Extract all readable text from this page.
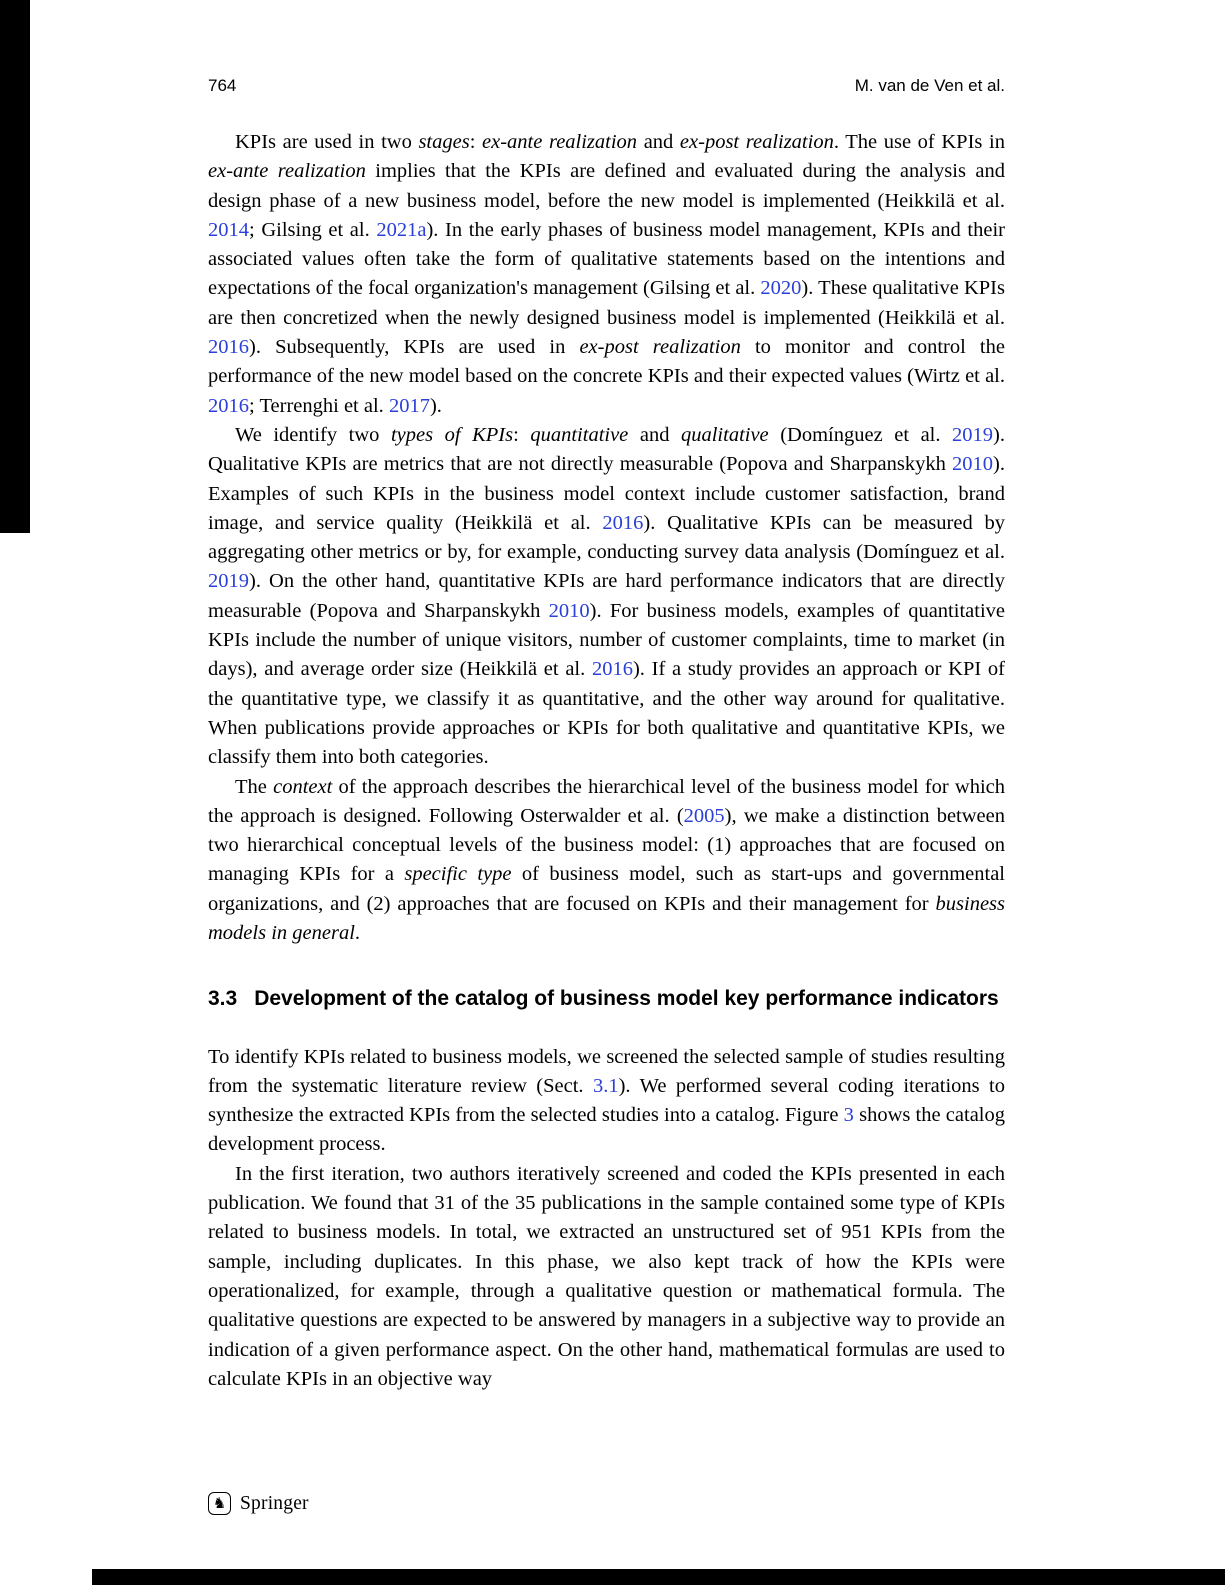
764	M. van de Ven et al.

KPIs are used in two stages: ex-ante realization and ex-post realization. The use of KPIs in ex-ante realization implies that the KPIs are defined and evaluated during the analysis and design phase of a new business model, before the new model is implemented (Heikkilä et al. 2014; Gilsing et al. 2021a). In the early phases of business model management, KPIs and their associated values often take the form of qualitative statements based on the intentions and expectations of the focal organization's management (Gilsing et al. 2020). These qualitative KPIs are then concretized when the newly designed business model is implemented (Heikkilä et al. 2016). Subsequently, KPIs are used in ex-post realization to monitor and control the performance of the new model based on the concrete KPIs and their expected values (Wirtz et al. 2016; Terrenghi et al. 2017).

We identify two types of KPIs: quantitative and qualitative (Domínguez et al. 2019). Qualitative KPIs are metrics that are not directly measurable (Popova and Sharpanskykh 2010). Examples of such KPIs in the business model context include customer satisfaction, brand image, and service quality (Heikkilä et al. 2016). Qualitative KPIs can be measured by aggregating other metrics or by, for example, conducting survey data analysis (Domínguez et al. 2019). On the other hand, quantitative KPIs are hard performance indicators that are directly measurable (Popova and Sharpanskykh 2010). For business models, examples of quantitative KPIs include the number of unique visitors, number of customer complaints, time to market (in days), and average order size (Heikkilä et al. 2016). If a study provides an approach or KPI of the quantitative type, we classify it as quantitative, and the other way around for qualitative. When publications provide approaches or KPIs for both qualitative and quantitative KPIs, we classify them into both categories.

The context of the approach describes the hierarchical level of the business model for which the approach is designed. Following Osterwalder et al. (2005), we make a distinction between two hierarchical conceptual levels of the business model: (1) approaches that are focused on managing KPIs for a specific type of business model, such as start-ups and governmental organizations, and (2) approaches that are focused on KPIs and their management for business models in general.

3.3 Development of the catalog of business model key performance indicators

To identify KPIs related to business models, we screened the selected sample of studies resulting from the systematic literature review (Sect. 3.1). We performed several coding iterations to synthesize the extracted KPIs from the selected studies into a catalog. Figure 3 shows the catalog development process.

In the first iteration, two authors iteratively screened and coded the KPIs presented in each publication. We found that 31 of the 35 publications in the sample contained some type of KPIs related to business models. In total, we extracted an unstructured set of 951 KPIs from the sample, including duplicates. In this phase, we also kept track of how the KPIs were operationalized, for example, through a qualitative question or mathematical formula. The qualitative questions are expected to be answered by managers in a subjective way to provide an indication of a given performance aspect. On the other hand, mathematical formulas are used to calculate KPIs in an objective way

♞ Springer
